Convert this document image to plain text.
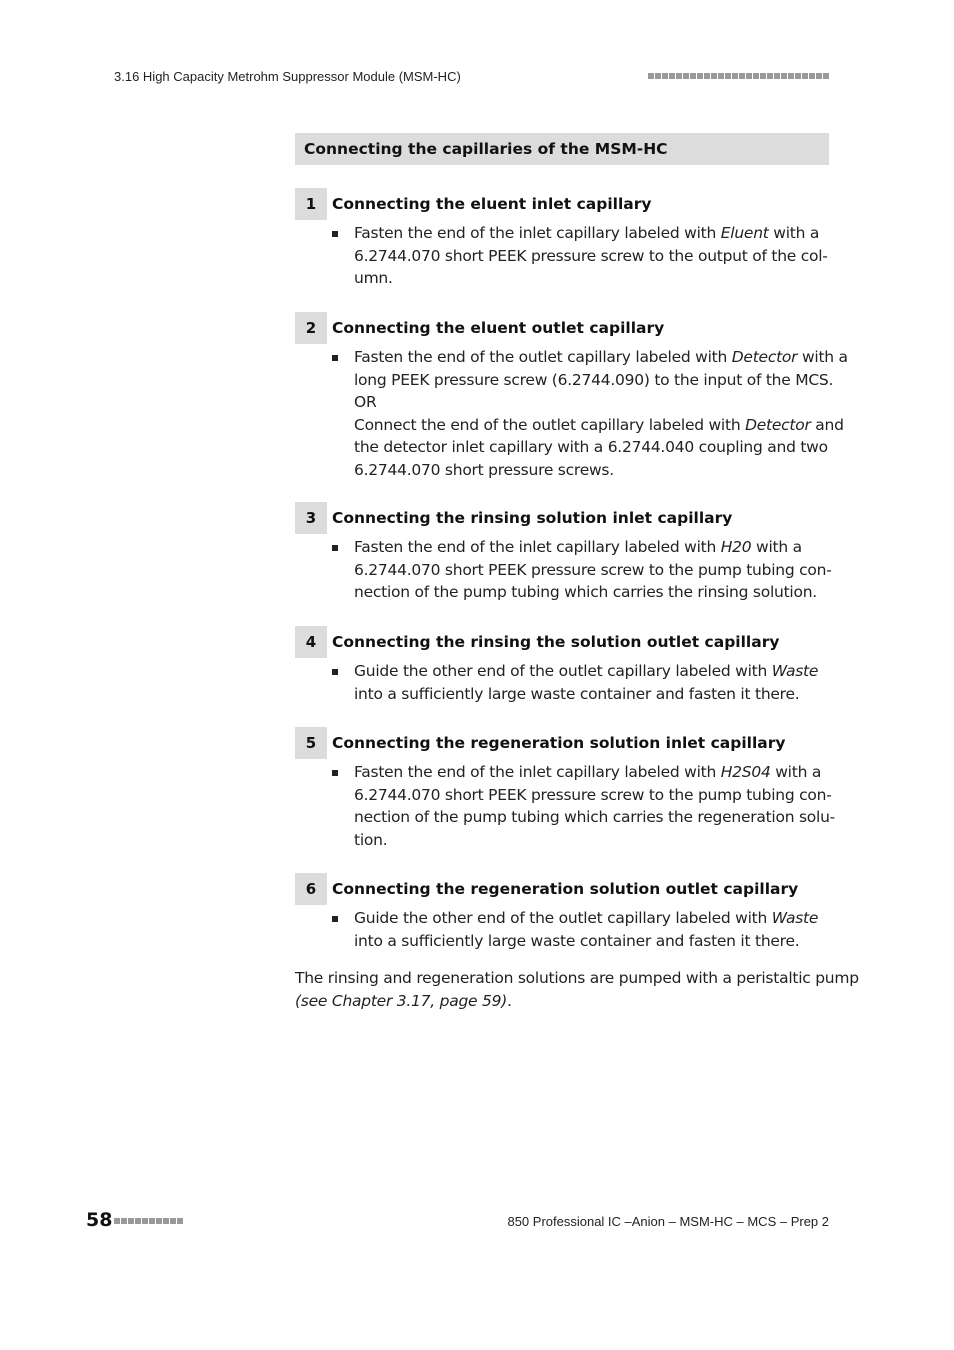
3.16 High Capacity Metrohm Suppressor Module (MSM-HC)
Connecting the capillaries of the MSM-HC
1	Connecting the eluent inlet capillary
Fasten the end of the inlet capillary labeled with Eluent with a
6.2744.070 short PEEK pressure screw to the output of the col-
umn.
2	Connecting the eluent outlet capillary
Fasten the end of the outlet capillary labeled with Detector with a
long PEEK pressure screw (6.2744.090) to the input of the MCS.
OR
Connect the end of the outlet capillary labeled with Detector and
the detector inlet capillary with a 6.2744.040 coupling and two
6.2744.070 short pressure screws.
3	Connecting the rinsing solution inlet capillary
Fasten the end of the inlet capillary labeled with H20 with a
6.2744.070 short PEEK pressure screw to the pump tubing con-
nection of the pump tubing which carries the rinsing solution.
4	Connecting the rinsing the solution outlet capillary
Guide the other end of the outlet capillary labeled with Waste
into a sufficiently large waste container and fasten it there.
5	Connecting the regeneration solution inlet capillary
Fasten the end of the inlet capillary labeled with H2S04 with a
6.2744.070 short PEEK pressure screw to the pump tubing con-
nection of the pump tubing which carries the regeneration solu-
tion.
6	Connecting the regeneration solution outlet capillary
Guide the other end of the outlet capillary labeled with Waste
into a sufficiently large waste container and fasten it there.
The rinsing and regeneration solutions are pumped with a peristaltic pump
(see Chapter 3.17, page 59).
58	850 Professional IC –Anion – MSM-HC – MCS – Prep 2
